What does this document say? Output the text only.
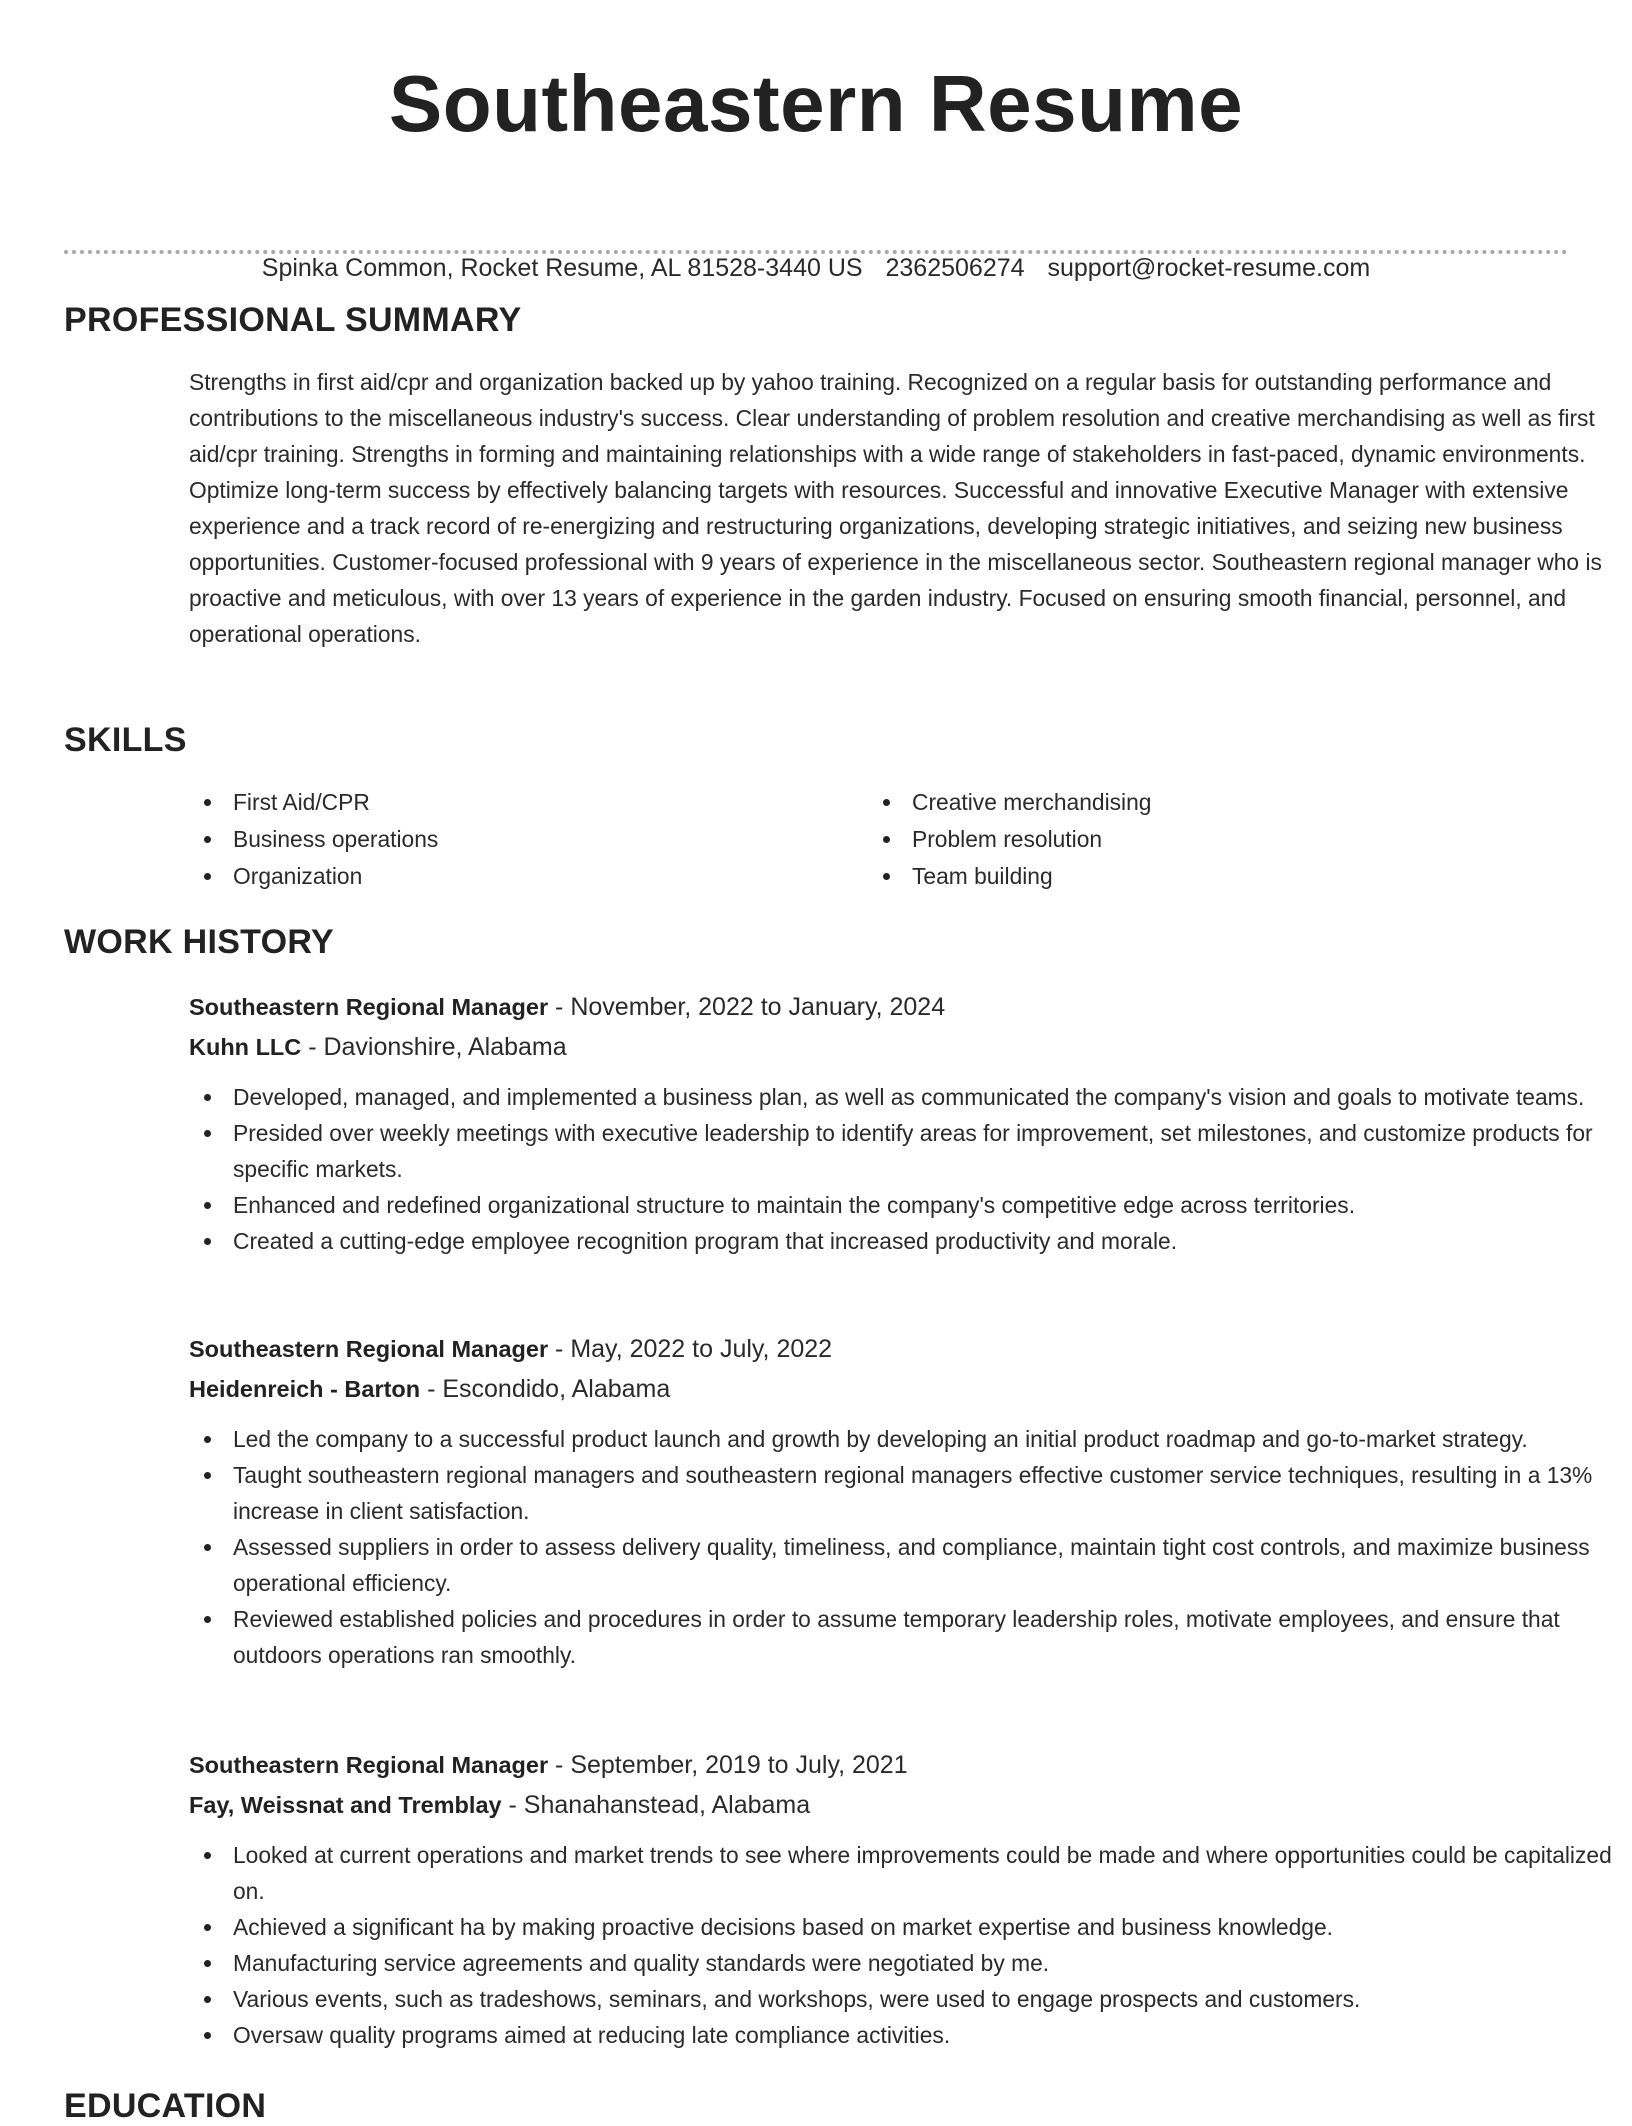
Southeastern Resume
Spinka Common, Rocket Resume, AL 81528-3440 US 2362506274 support@rocket-resume.com
PROFESSIONAL SUMMARY
Strengths in first aid/cpr and organization backed up by yahoo training. Recognized on a regular basis for outstanding performance and contributions to the miscellaneous industry's success. Clear understanding of problem resolution and creative merchandising as well as first aid/cpr training. Strengths in forming and maintaining relationships with a wide range of stakeholders in fast-paced, dynamic environments. Optimize long-term success by effectively balancing targets with resources. Successful and innovative Executive Manager with extensive experience and a track record of re-energizing and restructuring organizations, developing strategic initiatives, and seizing new business opportunities. Customer-focused professional with 9 years of experience in the miscellaneous sector. Southeastern regional manager who is proactive and meticulous, with over 13 years of experience in the garden industry. Focused on ensuring smooth financial, personnel, and operational operations.
SKILLS
First Aid/CPR
Business operations
Organization
Creative merchandising
Problem resolution
Team building
WORK HISTORY
Southeastern Regional Manager - November, 2022 to January, 2024
Kuhn LLC - Davionshire, Alabama
Developed, managed, and implemented a business plan, as well as communicated the company's vision and goals to motivate teams.
Presided over weekly meetings with executive leadership to identify areas for improvement, set milestones, and customize products for specific markets.
Enhanced and redefined organizational structure to maintain the company's competitive edge across territories.
Created a cutting-edge employee recognition program that increased productivity and morale.
Southeastern Regional Manager - May, 2022 to July, 2022
Heidenreich - Barton - Escondido, Alabama
Led the company to a successful product launch and growth by developing an initial product roadmap and go-to-market strategy.
Taught southeastern regional managers and southeastern regional managers effective customer service techniques, resulting in a 13% increase in client satisfaction.
Assessed suppliers in order to assess delivery quality, timeliness, and compliance, maintain tight cost controls, and maximize business operational efficiency.
Reviewed established policies and procedures in order to assume temporary leadership roles, motivate employees, and ensure that outdoors operations ran smoothly.
Southeastern Regional Manager - September, 2019 to July, 2021
Fay, Weissnat and Tremblay - Shanahanstead, Alabama
Looked at current operations and market trends to see where improvements could be made and where opportunities could be capitalized on.
Achieved a significant ha by making proactive decisions based on market expertise and business knowledge.
Manufacturing service agreements and quality standards were negotiated by me.
Various events, such as tradeshows, seminars, and workshops, were used to engage prospects and customers.
Oversaw quality programs aimed at reducing late compliance activities.
EDUCATION
